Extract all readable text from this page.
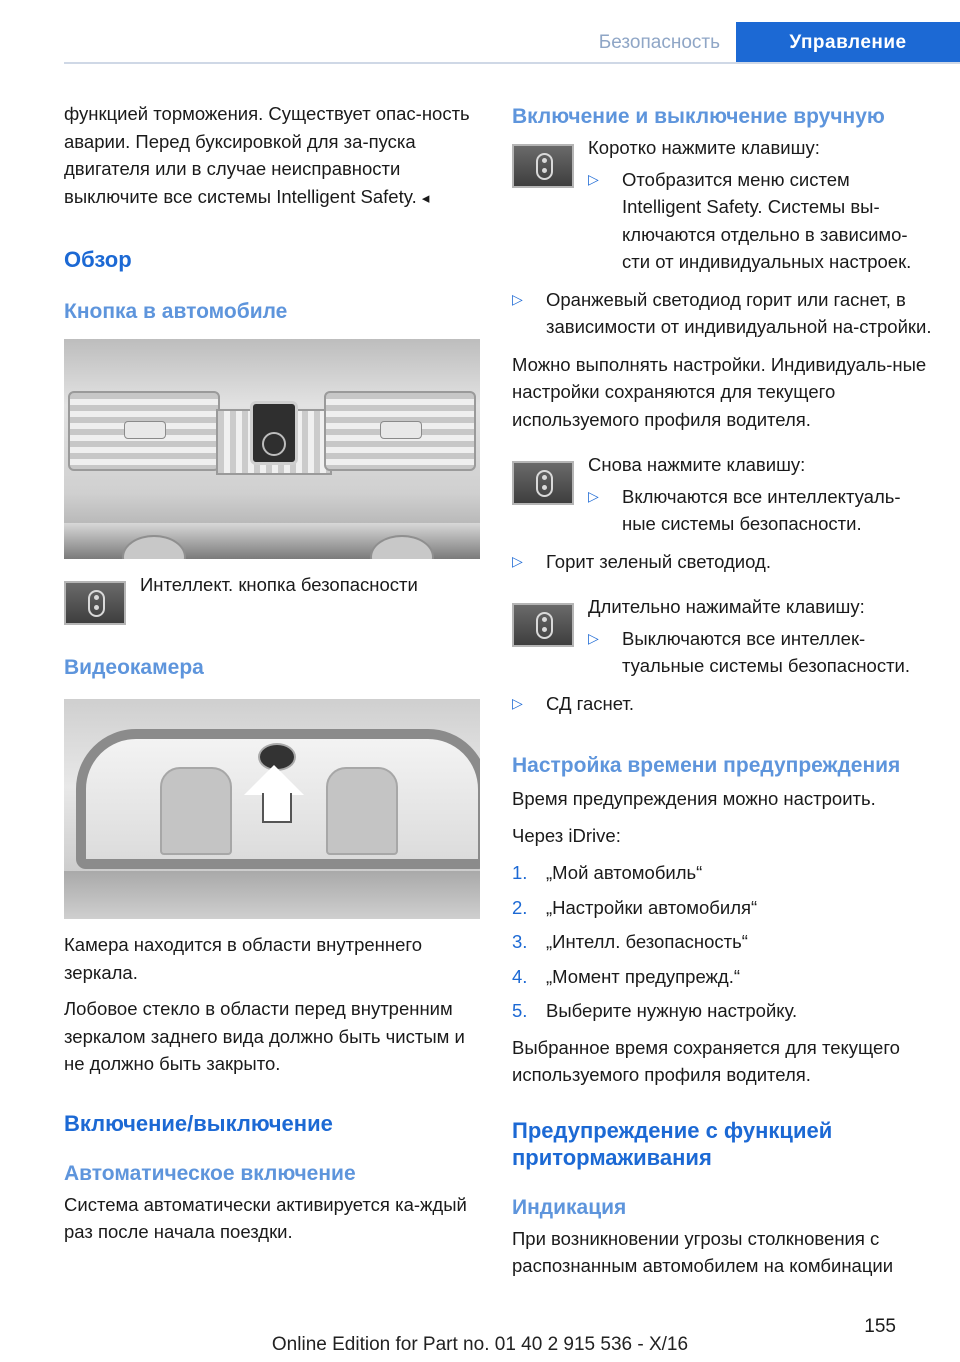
Безопасность	Управление

функцией торможения. Существует опас-ность аварии. Перед буксировкой для за-пуска двигателя или в случае неисправности выключите все системы Intelligent Safety. ◂

Обзор
Кнопка в автомобиле

Интеллект. кнопка безопасности

Видеокамера

Камера находится в области внутреннего зеркала.

Лобовое стекло в области перед внутренним зеркалом заднего вида должно быть чистым и не должно быть закрыто.

Включение/выключение
Автоматическое включение

Система автоматически активируется ка-ждый раз после начала поездки.

Включение и выключение вручную

Коротко нажмите клавишу:

▷	Отобразится меню систем Intelligent Safety. Системы вы-ключаются отдельно в зависимо-сти от индивидуальных настроек.

▷	Оранжевый светодиод горит или гаснет, в зависимости от индивидуальной на-стройки.

Можно выполнять настройки. Индивидуаль-ные настройки сохраняются для текущего используемого профиля водителя.

Снова нажмите клавишу:

▷	Включаются все интеллектуаль-ные системы безопасности.

▷	Горит зеленый светодиод.

Длительно нажимайте клавишу:

▷	Выключаются все интеллек-туальные системы безопасности.

▷	СД гаснет.

Настройка времени предупреждения

Время предупреждения можно настроить.

Через iDrive:

1.	„Мой автомобиль“

2.	„Настройки автомобиля“

3.	„Интелл. безопасность“

4.	„Момент предупрежд.“

5.	Выберите нужную настройку.

Выбранное время сохраняется для текущего используемого профиля водителя.

Предупреждение с функцией притормаживания
Индикация

При возникновении угрозы столкновения с распознанным автомобилем на комбинации

155
Online Edition for Part no. 01 40 2 915 536 - X/16
